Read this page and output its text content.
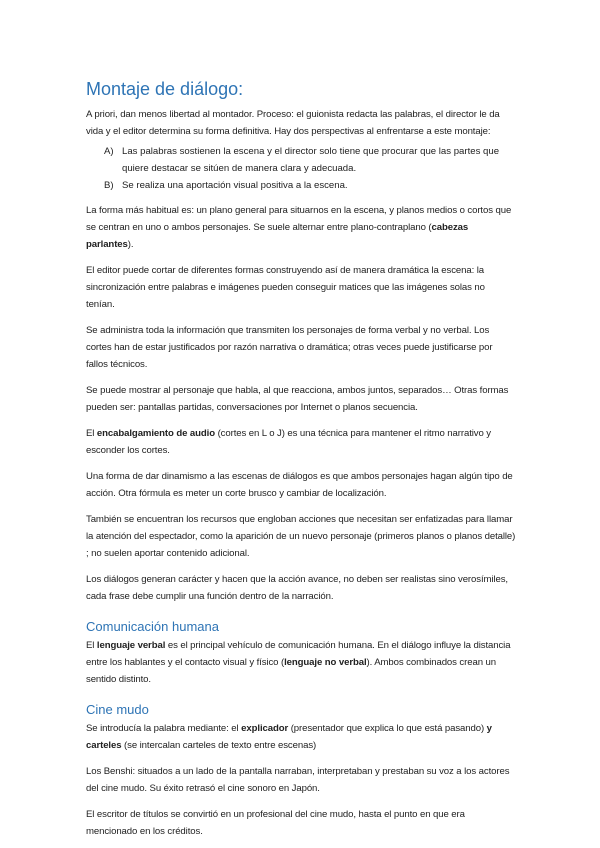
Montaje de diálogo:

A priori, dan menos libertad al montador. Proceso: el guionista redacta las palabras, el director le da vida y el editor determina su forma definitiva. Hay dos perspectivas al enfrentarse a este montaje:

A) Las palabras sostienen la escena y el director solo tiene que procurar que las partes que quiere destacar se sitúen de manera clara y adecuada.
B) Se realiza una aportación visual positiva a la escena.

La forma más habitual es: un plano general para situarnos en la escena, y planos medios o cortos que se centran en uno o ambos personajes. Se suele alternar entre plano-contraplano (cabezas parlantes).

El editor puede cortar de diferentes formas construyendo así de manera dramática la escena: la sincronización entre palabras e imágenes pueden conseguir matices que las imágenes solas no tenían.

Se administra toda la información que transmiten los personajes de forma verbal y no verbal. Los cortes han de estar justificados por razón narrativa o dramática; otras veces puede justificarse por fallos técnicos.

Se puede mostrar al personaje que habla, al que reacciona, ambos juntos, separados… Otras formas pueden ser: pantallas partidas, conversaciones por Internet o planos secuencia.

El encabalgamiento de audio (cortes en L o J) es una técnica para mantener el ritmo narrativo y esconder los cortes.

Una forma de dar dinamismo a las escenas de diálogos es que ambos personajes hagan algún tipo de acción. Otra fórmula es meter un corte brusco y cambiar de localización.

También se encuentran los recursos que engloban acciones que necesitan ser enfatizadas para llamar la atención del espectador, como la aparición de un nuevo personaje (primeros planos o planos detalle) ; no suelen aportar contenido adicional.

Los diálogos generan carácter y hacen que la acción avance, no deben ser realistas sino verosímiles, cada frase debe cumplir una función dentro de la narración.

Comunicación humana

El lenguaje verbal es el principal vehículo de comunicación humana. En el diálogo influye la distancia entre los hablantes y el contacto visual y físico (lenguaje no verbal). Ambos combinados crean un sentido distinto.

Cine mudo

Se introducía la palabra mediante: el explicador (presentador que explica lo que está pasando) y carteles (se intercalan carteles de texto entre escenas)

Los Benshi: situados a un lado de la pantalla narraban, interpretaban y prestaban su voz a los actores del cine mudo. Su éxito retrasó el cine sonoro en Japón.

El escritor de títulos se convirtió en un profesional del cine mudo, hasta el punto en que era mencionado en los créditos.
